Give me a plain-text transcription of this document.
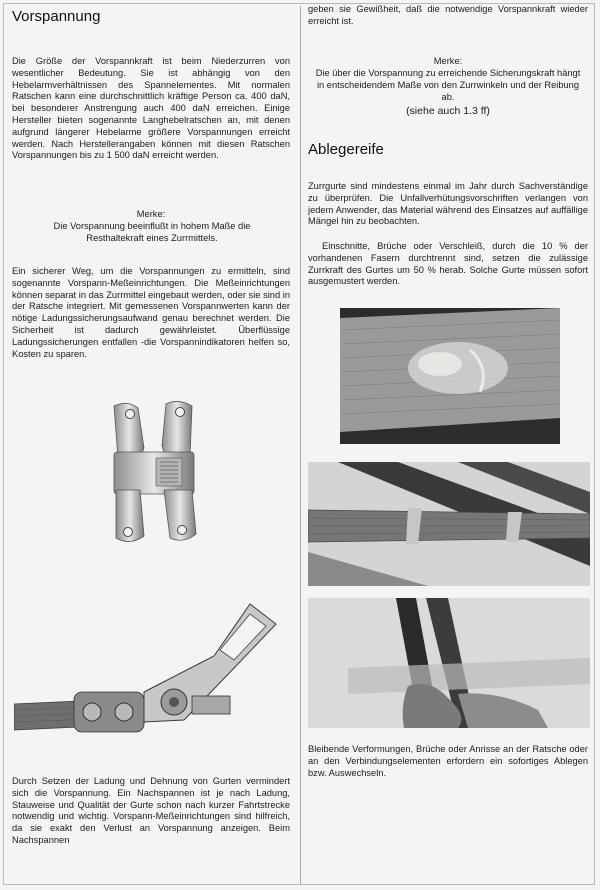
Vorspannung

Die Größe der Vorspannkraft ist beim Niederzurren von wesentlicher Bedeutung. Sie ist abhängig von den Hebelarmverhältnissen des Spannelementes. Mit normalen Ratschen kann eine durchschnittlich kräftige Person ca. 400 daN, bei besonderer Anstrengung auch 400 daN erreichen. Einige Hersteller bieten sogenannte Langhebelratschen an, mit denen aufgrund längerer Hebelarme größere Vorspannungen erreicht werden. Nach Herstellerangaben können mit diesen Ratschen Vorspannungen bis zu 1 500 daN erreicht werden.

Merke:

Die Vorspannung beeinflußt in hohem Maße die Resthaltekraft eines Zurrmittels.

Ein sicherer Weg, um die Vorspannungen zu ermitteln, sind sogenannte Vorspann-Meßeinrichtungen. Die Meßeinrichtungen können separat in das Zurrmittel eingebaut werden, oder sie sind in der Ratsche integriert. Mit gemessenen Vorspannwerten kann der nötige Ladungssicherungsaufwand genau berechnet werden. Die Sicherheit ist dadurch gewährleistet. Überflüssige Ladungssicherungen entfallen -die Vorspannindikatoren helfen so, Kosten zu sparen.

Durch Setzen der Ladung und Dehnung von Gurten vermindert sich die Vorspannung. Ein Nachspannen ist je nach Ladung, Stauweise und Qualität der Gurte schon nach kurzer Fahrtstrecke notwendig und wichtig. Vorspann-Meßeinrichtungen sind hilfreich, da sie exakt den Verlust an Vorspannung anzeigen. Beim Nachspannen

geben sie Gewißheit, daß die notwendige Vorspannkraft wieder erreicht ist.

Merke:

Die über die Vorspannung zu erreichende Sicherungskraft hängt in entscheidendem Maße von den Zurrwinkeln und der Reibung ab.

(siehe auch 1.3 ff)

Ablegereife

Zurrgurte sind mindestens einmal im Jahr durch Sachverständige zu überprüfen. Die Unfallverhütungsvorschriften verlangen von jedem Anwender, das Material während des Einsatzes auf auffällige Mängel hin zu beobachten.

Einschnitte, Brüche oder Verschleiß, durch die 10 % der vorhandenen Fasern durchtrennt sind, setzen die zulässige Zurrkraft des Gurtes um 50 % herab. Solche Gurte müssen sofort ausgemustert werden.

Bleibende Verformungen, Brüche oder Anrisse an der Ratsche oder an den Verbindungselementen erfordern ein sofortiges Ablegen bzw. Auswechseln.
